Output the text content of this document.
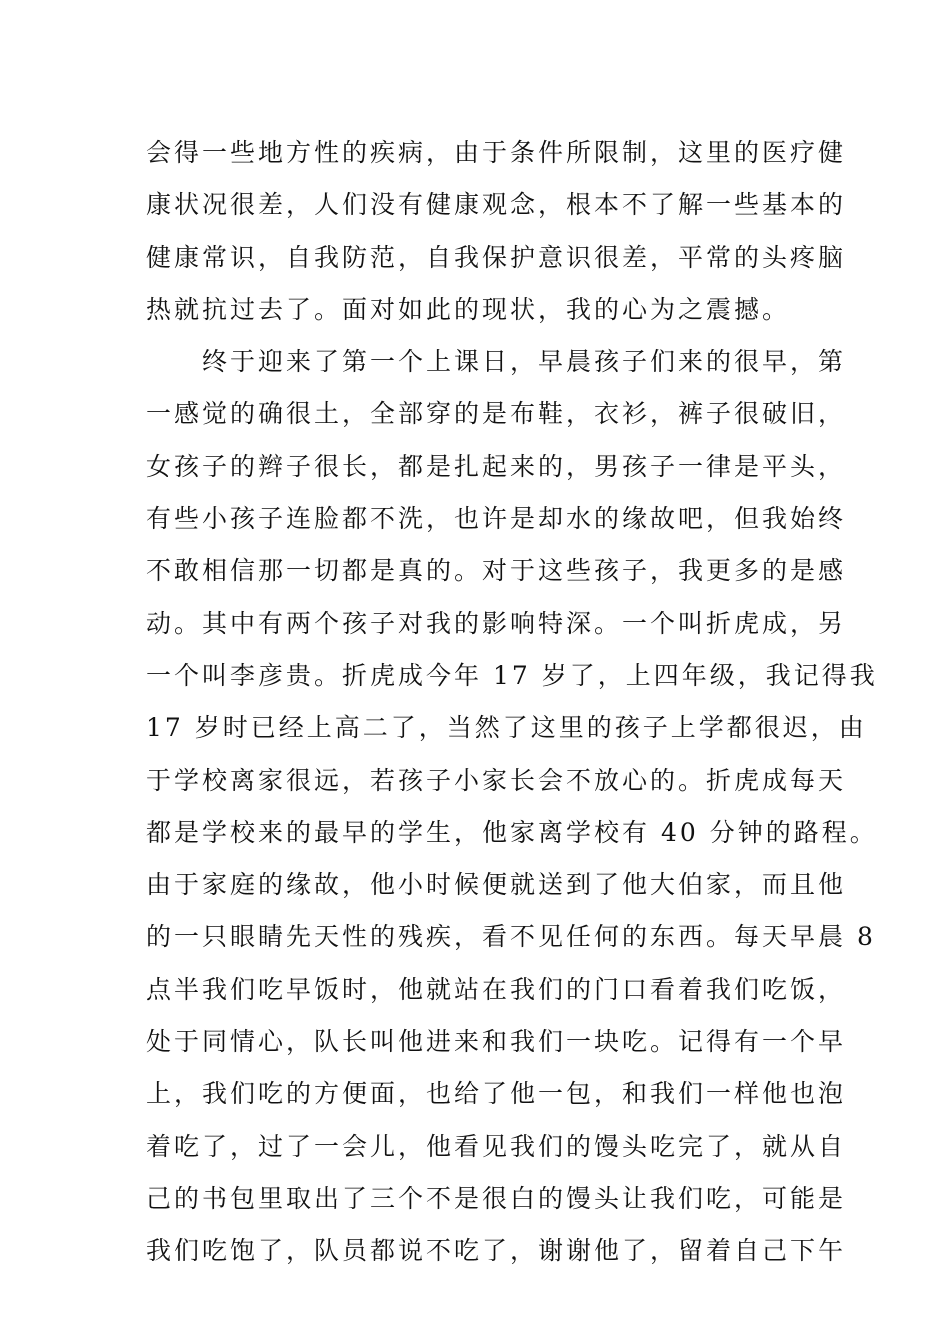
会得一些地方性的疾病，由于条件所限制，这里的医疗健
康状况很差，人们没有健康观念，根本不了解一些基本的
健康常识，自我防范，自我保护意识很差，平常的头疼脑
热就抗过去了。面对如此的现状，我的心为之震撼。
终于迎来了第一个上课日，早晨孩子们来的很早，第
一感觉的确很土，全部穿的是布鞋，衣衫，裤子很破旧，
女孩子的辫子很长，都是扎起来的，男孩子一律是平头，
有些小孩子连脸都不洗，也许是却水的缘故吧，但我始终
不敢相信那一切都是真的。对于这些孩子，我更多的是感
动。其中有两个孩子对我的影响特深。一个叫折虎成，另
一个叫李彦贵。折虎成今年 17 岁了，上四年级，我记得我
17 岁时已经上高二了，当然了这里的孩子上学都很迟，由
于学校离家很远，若孩子小家长会不放心的。折虎成每天
都是学校来的最早的学生，他家离学校有 40 分钟的路程。
由于家庭的缘故，他小时候便就送到了他大伯家，而且他
的一只眼睛先天性的残疾，看不见任何的东西。每天早晨 8
点半我们吃早饭时，他就站在我们的门口看着我们吃饭，
处于同情心，队长叫他进来和我们一块吃。记得有一个早
上，我们吃的方便面，也给了他一包，和我们一样他也泡
着吃了，过了一会儿，他看见我们的馒头吃完了，就从自
己的书包里取出了三个不是很白的馒头让我们吃，可能是
我们吃饱了，队员都说不吃了，谢谢他了，留着自己下午
